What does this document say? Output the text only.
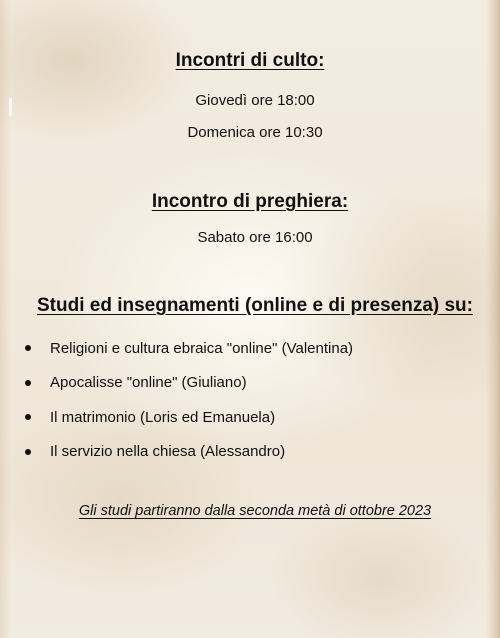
Incontri di culto:
Giovedì ore 18:00
Domenica ore 10:30
Incontro di preghiera:
Sabato ore 16:00
Studi ed insegnamenti (online e di presenza) su:
Religioni e cultura ebraica "online" (Valentina)
Apocalisse "online" (Giuliano)
Il matrimonio (Loris ed Emanuela)
Il servizio nella chiesa (Alessandro)
Gli studi partiranno dalla seconda metà di ottobre 2023
